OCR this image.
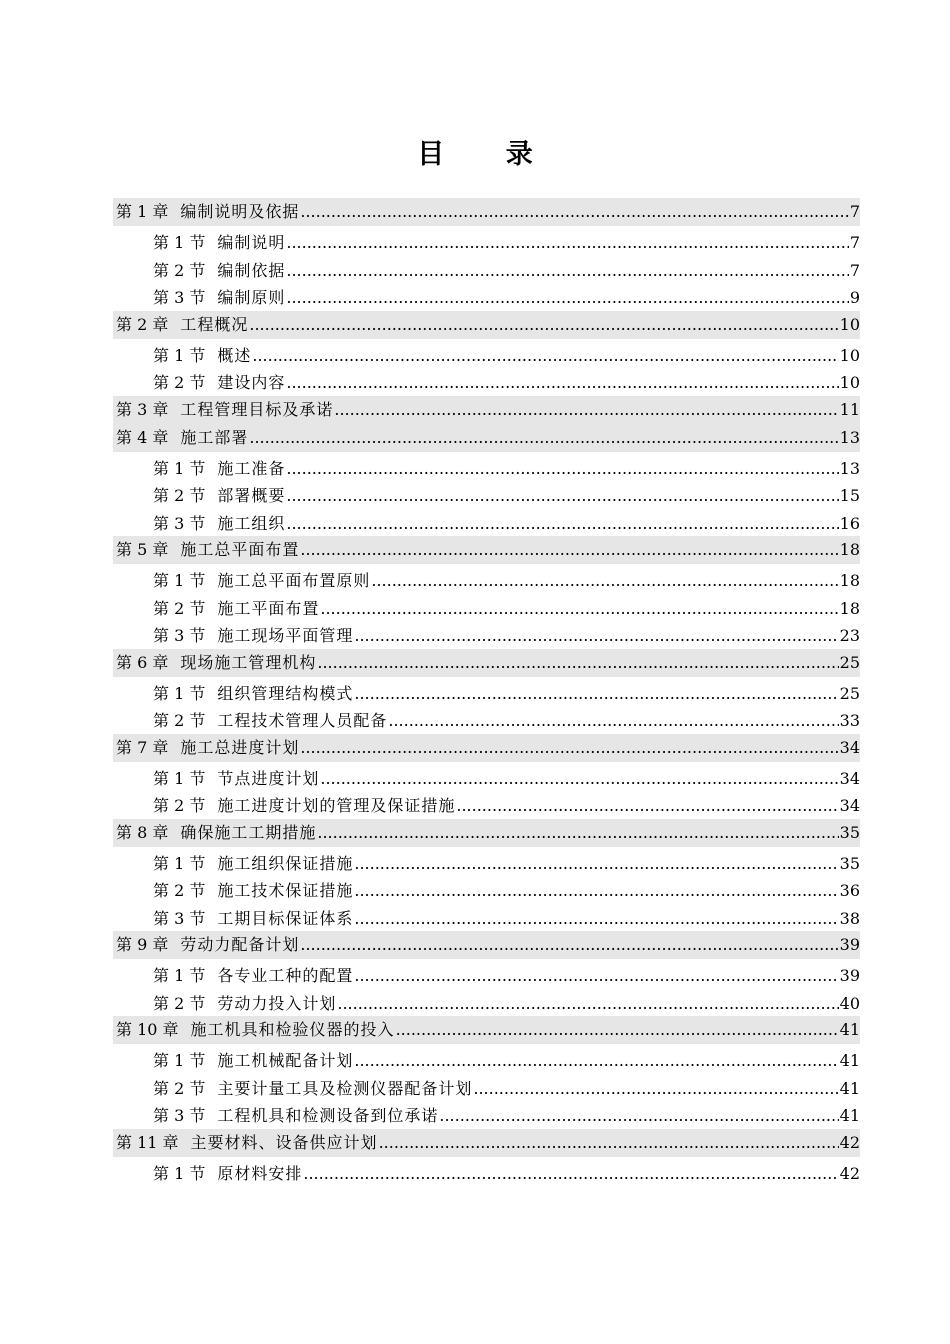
目 录
第 1 章 编制说明及依据 .....	7
第 1 节 编制说明 .....	7
第 2 节 编制依据 .....	7
第 3 节 编制原则 .....	9
第 2 章 工程概况 .....	10
第 1 节 概述 .....	10
第 2 节 建设内容 .....	10
第 3 章 工程管理目标及承诺 .....	11
第 4 章 施工部署 .....	13
第 1 节 施工准备 .....	13
第 2 节 部署概要 .....	15
第 3 节 施工组织 .....	16
第 5 章 施工总平面布置 .....	18
第 1 节 施工总平面布置原则 .....	18
第 2 节 施工平面布置 .....	18
第 3 节 施工现场平面管理 .....	23
第 6 章 现场施工管理机构 .....	25
第 1 节 组织管理结构模式 .....	25
第 2 节 工程技术管理人员配备 .....	33
第 7 章 施工总进度计划 .....	34
第 1 节 节点进度计划 .....	34
第 2 节 施工进度计划的管理及保证措施 .....	34
第 8 章 确保施工工期措施 .....	35
第 1 节 施工组织保证措施 .....	35
第 2 节 施工技术保证措施 .....	36
第 3 节 工期目标保证体系 .....	38
第 9 章 劳动力配备计划 .....	39
第 1 节 各专业工种的配置 .....	39
第 2 节 劳动力投入计划 .....	40
第 10 章 施工机具和检验仪器的投入 .....	41
第 1 节 施工机械配备计划 .....	41
第 2 节 主要计量工具及检测仪器配备计划 .....	41
第 3 节 工程机具和检测设备到位承诺 .....	41
第 11 章 主要材料、设备供应计划 .....	42
第 1 节 原材料安排 .....	42
